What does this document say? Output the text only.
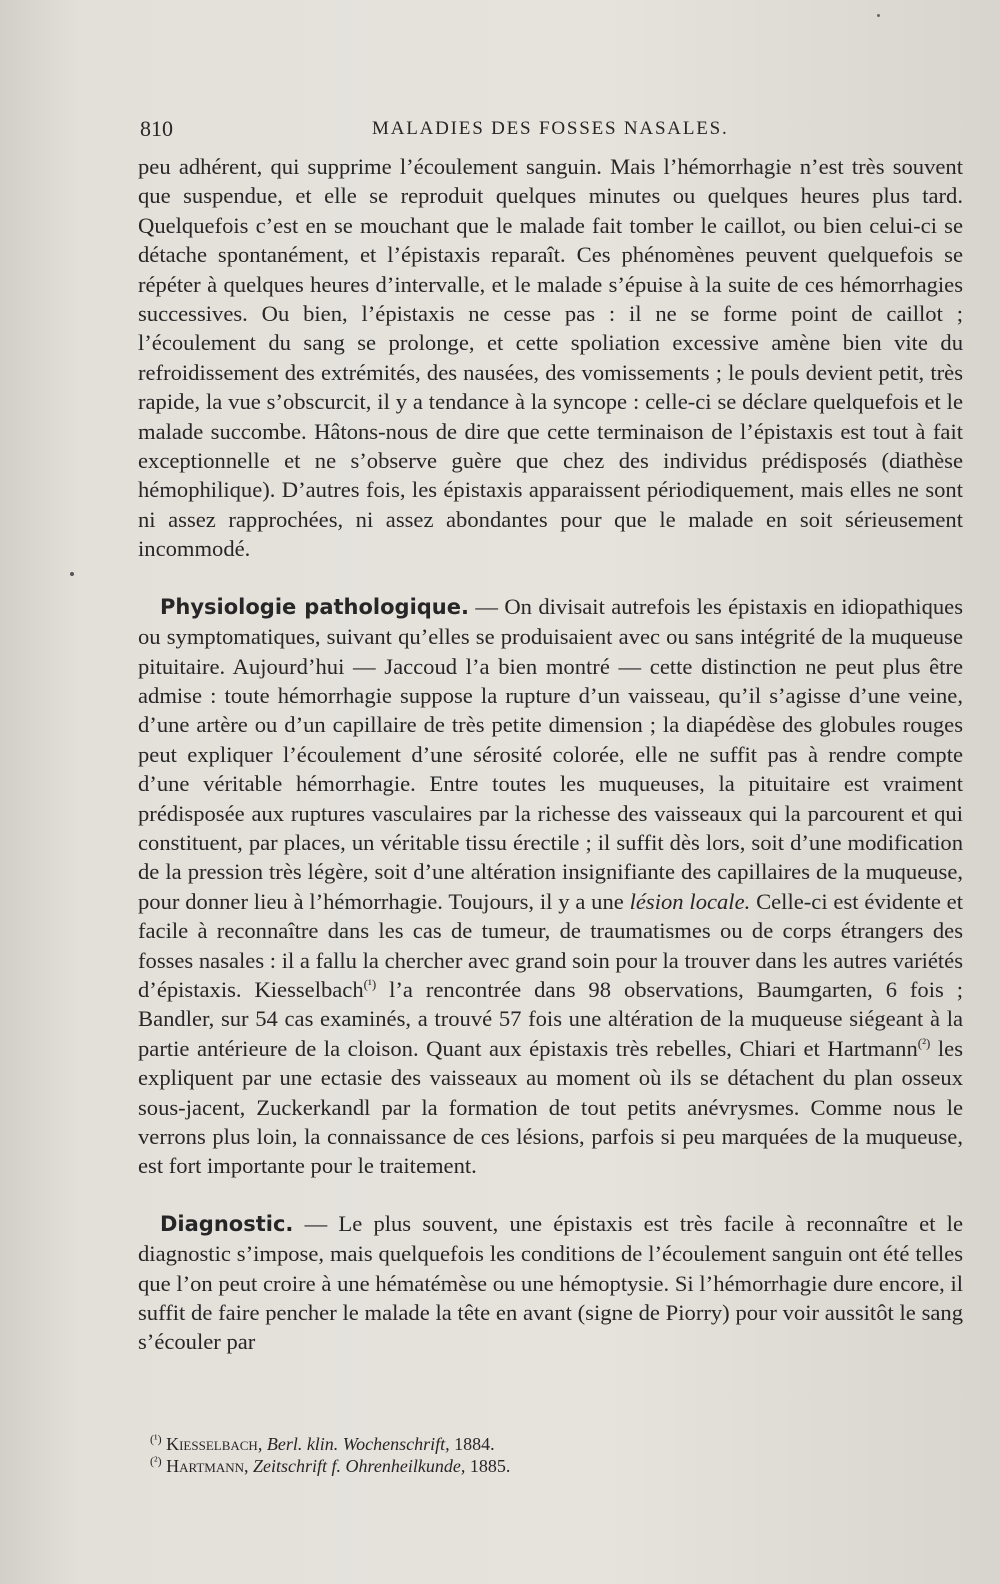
810	MALADIES DES FOSSES NASALES.

peu adhérent, qui supprime l’écoulement sanguin. Mais l’hémorrhagie n’est très souvent que suspendue, et elle se reproduit quelques minutes ou quelques heures plus tard. Quelquefois c’est en se mouchant que le malade fait tomber le caillot, ou bien celui-ci se détache spontanément, et l’épistaxis reparaît. Ces phénomènes peuvent quelquefois se répéter à quelques heures d’intervalle, et le malade s’épuise à la suite de ces hémorrhagies successives. Ou bien, l’épistaxis ne cesse pas : il ne se forme point de caillot ; l’écoulement du sang se prolonge, et cette spoliation excessive amène bien vite du refroidissement des extrémités, des nausées, des vomissements ; le pouls devient petit, très rapide, la vue s’obscurcit, il y a tendance à la syncope : celle-ci se déclare quelquefois et le malade succombe. Hâtons-nous de dire que cette terminaison de l’épistaxis est tout à fait exceptionnelle et ne s’observe guère que chez des individus prédisposés (diathèse hémophilique). D’autres fois, les épistaxis apparaissent périodiquement, mais elles ne sont ni assez rapprochées, ni assez abondantes pour que le malade en soit sérieusement incommodé.

Physiologie pathologique. — On divisait autrefois les épistaxis en idiopathiques ou symptomatiques, suivant qu’elles se produisaient avec ou sans intégrité de la muqueuse pituitaire. Aujourd’hui — Jaccoud l’a bien montré — cette distinction ne peut plus être admise : toute hémorrhagie suppose la rupture d’un vaisseau, qu’il s’agisse d’une veine, d’une artère ou d’un capillaire de très petite dimension ; la diapédèse des globules rouges peut expliquer l’écoulement d’une sérosité colorée, elle ne suffit pas à rendre compte d’une véritable hémorrhagie. Entre toutes les muqueuses, la pituitaire est vraiment prédisposée aux ruptures vasculaires par la richesse des vaisseaux qui la parcourent et qui constituent, par places, un véritable tissu érectile ; il suffit dès lors, soit d’une modification de la pression très légère, soit d’une altération insignifiante des capillaires de la muqueuse, pour donner lieu à l’hémorrhagie. Toujours, il y a une lésion locale. Celle-ci est évidente et facile à reconnaître dans les cas de tumeur, de traumatismes ou de corps étrangers des fosses nasales : il a fallu la chercher avec grand soin pour la trouver dans les autres variétés d’épistaxis. Kiesselbach$^{(^1)}$ l’a rencontrée dans 98 observations, Baumgarten, 6 fois ; Bandler, sur 54 cas examinés, a trouvé 57 fois une altération de la muqueuse siégeant à la partie antérieure de la cloison. Quant aux épistaxis très rebelles, Chiari et Hartmann$^{(^2)}$ les expliquent par une ectasie des vaisseaux au moment où ils se détachent du plan osseux sous-jacent, Zuckerkandl par la formation de tout petits anévrysmes. Comme nous le verrons plus loin, la connaissance de ces lésions, parfois si peu marquées de la muqueuse, est fort importante pour le traitement.

Diagnostic. — Le plus souvent, une épistaxis est très facile à reconnaître et le diagnostic s’impose, mais quelquefois les conditions de l’écoulement sanguin ont été telles que l’on peut croire à une hématémèse ou une hémoptysie. Si l’hémorrhagie dure encore, il suffit de faire pencher le malade la tête en avant (signe de Piorry) pour voir aussitôt le sang s’écouler par

$^{(^1)}$ Kiesselbach, Berl. klin. Wochenschrift, 1884.

$^{(^2)}$ Hartmann, Zeitschrift f. Ohrenheilkunde, 1885.
